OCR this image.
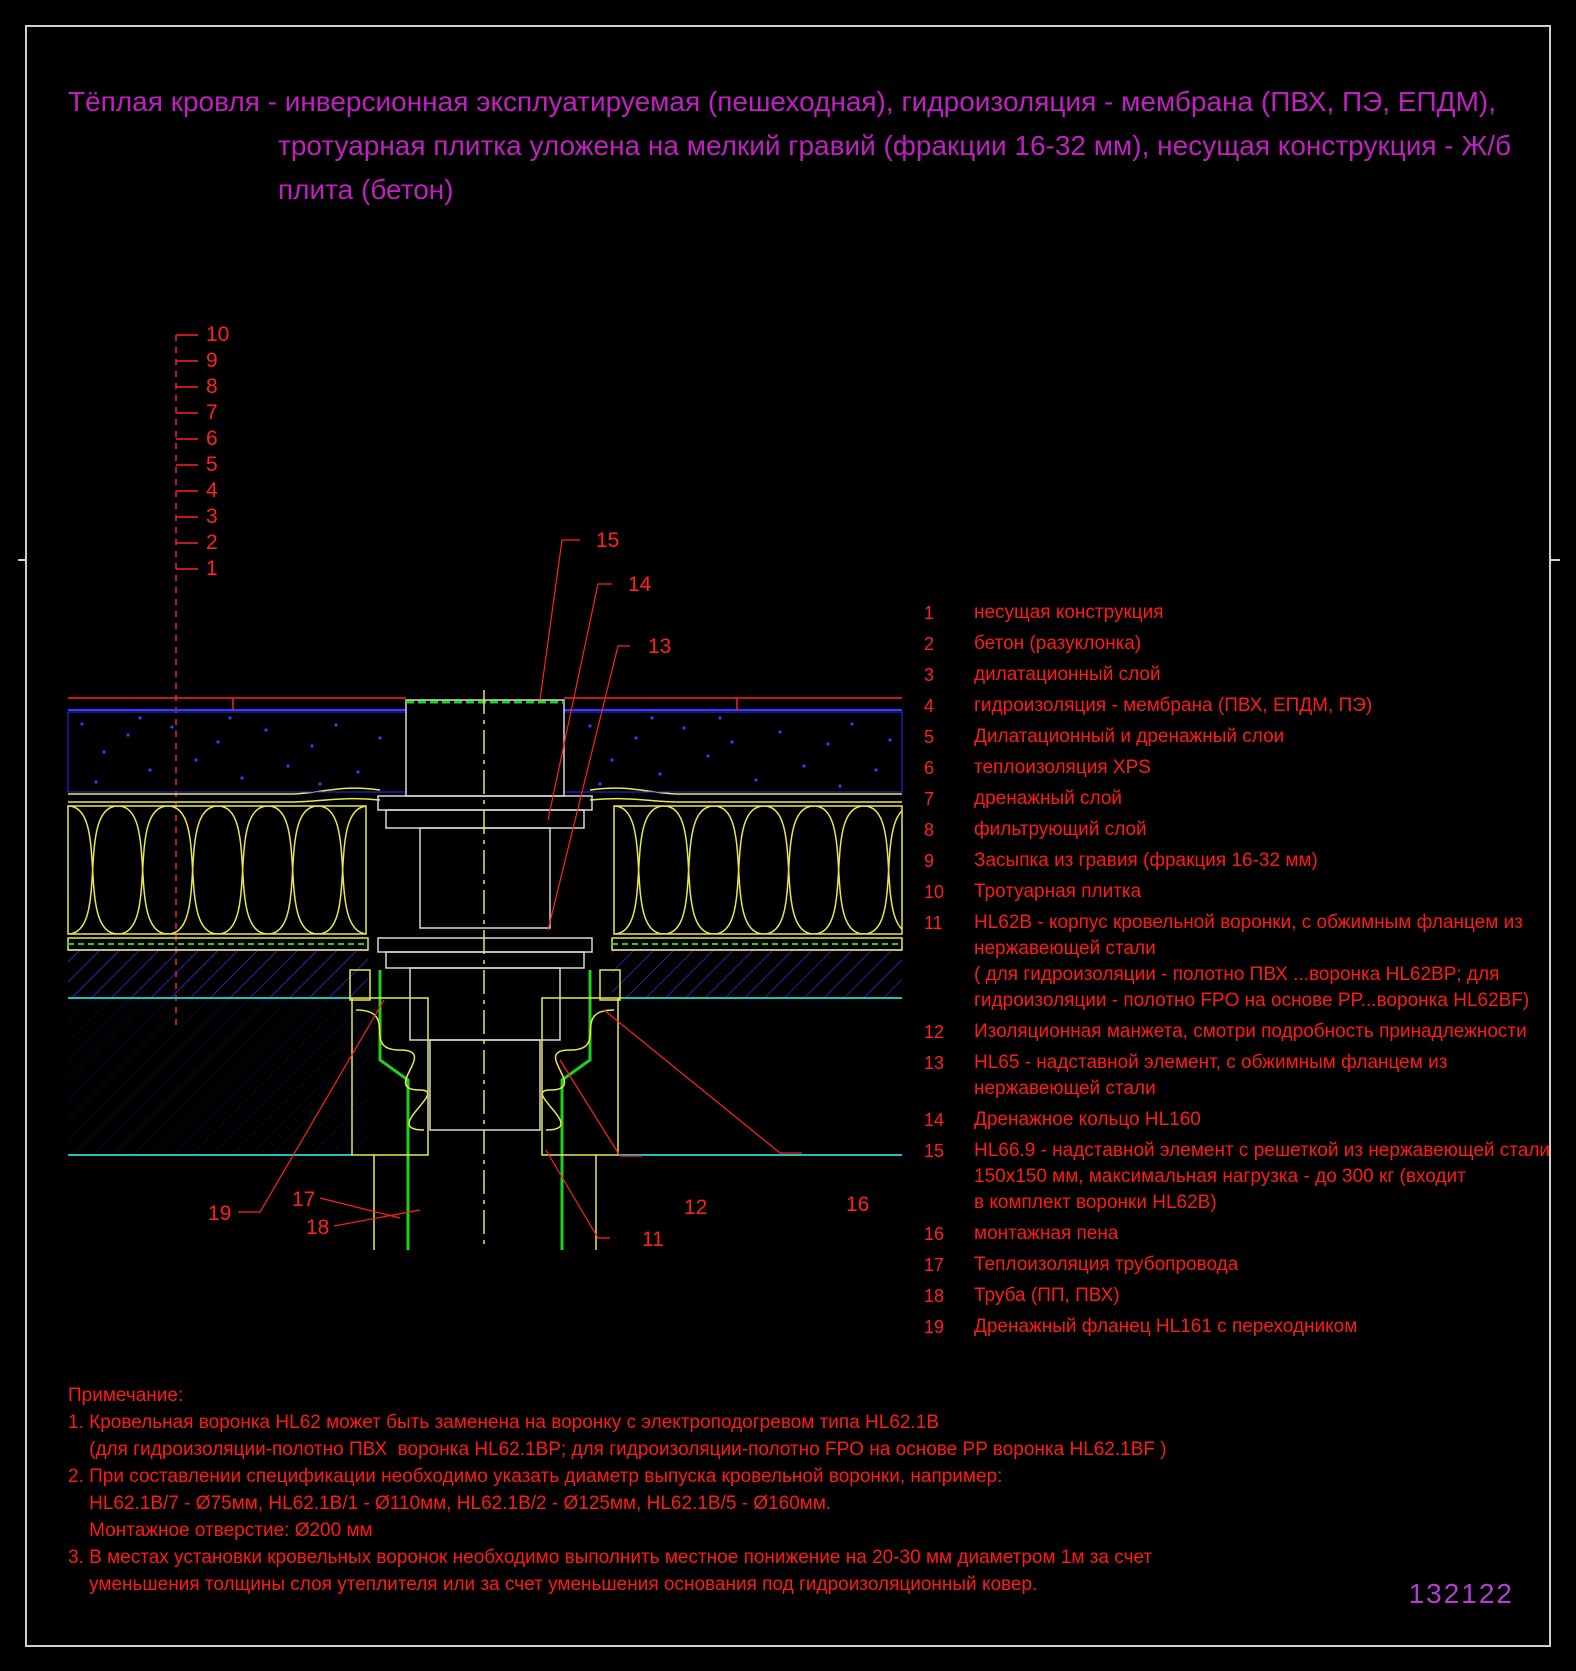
15
14
13
12	16
11
19
17
18
Тёплая кровля - инверсионная эксплуатируемая (пешеходная), гидроизоляция - мембрана (ПВХ, ПЭ, ЕПДМ),
тротуарная плитка уложена на мелкий гравий (фракции 16-32 мм), несущая конструкция - Ж/б
плита (бетон)
10
9
8
7
6
5
4
3
2
1
1	несущая конструкция
2	бетон (разуклонка)
3	дилатационный слой
4	гидроизоляция - мембрана (ПВХ, ЕПДМ, ПЭ)
5	Дилатационный и дренажный слои
6	теплоизоляция XPS
7	дренажный слой
8	фильтрующий слой
9	Засыпка из гравия (фракция 16-32 мм)
10	Тротуарная плитка
11	HL62B - корпус кровельной воронки, с обжимным фланцем из
нержавеющей стали
( для гидроизоляции - полотно ПВХ ...воронка HL62BP; для
гидроизоляции - полотно FPO на основе PP...воронка HL62BF)
12	Изоляционная манжета, смотри подробность принадлежности
13	HL65 - надставной элемент, с обжимным фланцем из
нержавеющей стали
14	Дренажное кольцо HL160
15	HL66.9 - надставной элемент с решеткой из нержавеющей стали
150x150 мм, максимальная нагрузка - до 300 кг (входит
в комплект воронки HL62B)
16	монтажная пена
17	Теплоизоляция трубопровода
18	Труба (ПП, ПВХ)
19	Дренажный фланец HL161 с переходником
Примечание:
1. Кровельная воронка HL62 может быть заменена на воронку с электроподогревом типа HL62.1B
(для гидроизоляции-полотно ПВХ  воронка HL62.1BP; для гидроизоляции-полотно FPO на основе PP воронка HL62.1BF )
2. При составлении спецификации необходимо указать диаметр выпуска кровельной воронки, например:
HL62.1B/7 - Ø75мм, HL62.1B/1 - Ø110мм, HL62.1B/2 - Ø125мм, HL62.1B/5 - Ø160мм.
Монтажное отверстие: Ø200 мм
3. В местах установки кровельных воронок необходимо выполнить местное понижение на 20-30 мм диаметром 1м за счет
уменьшения толщины слоя утеплителя или за счет уменьшения основания под гидроизоляционный ковер.	132122
